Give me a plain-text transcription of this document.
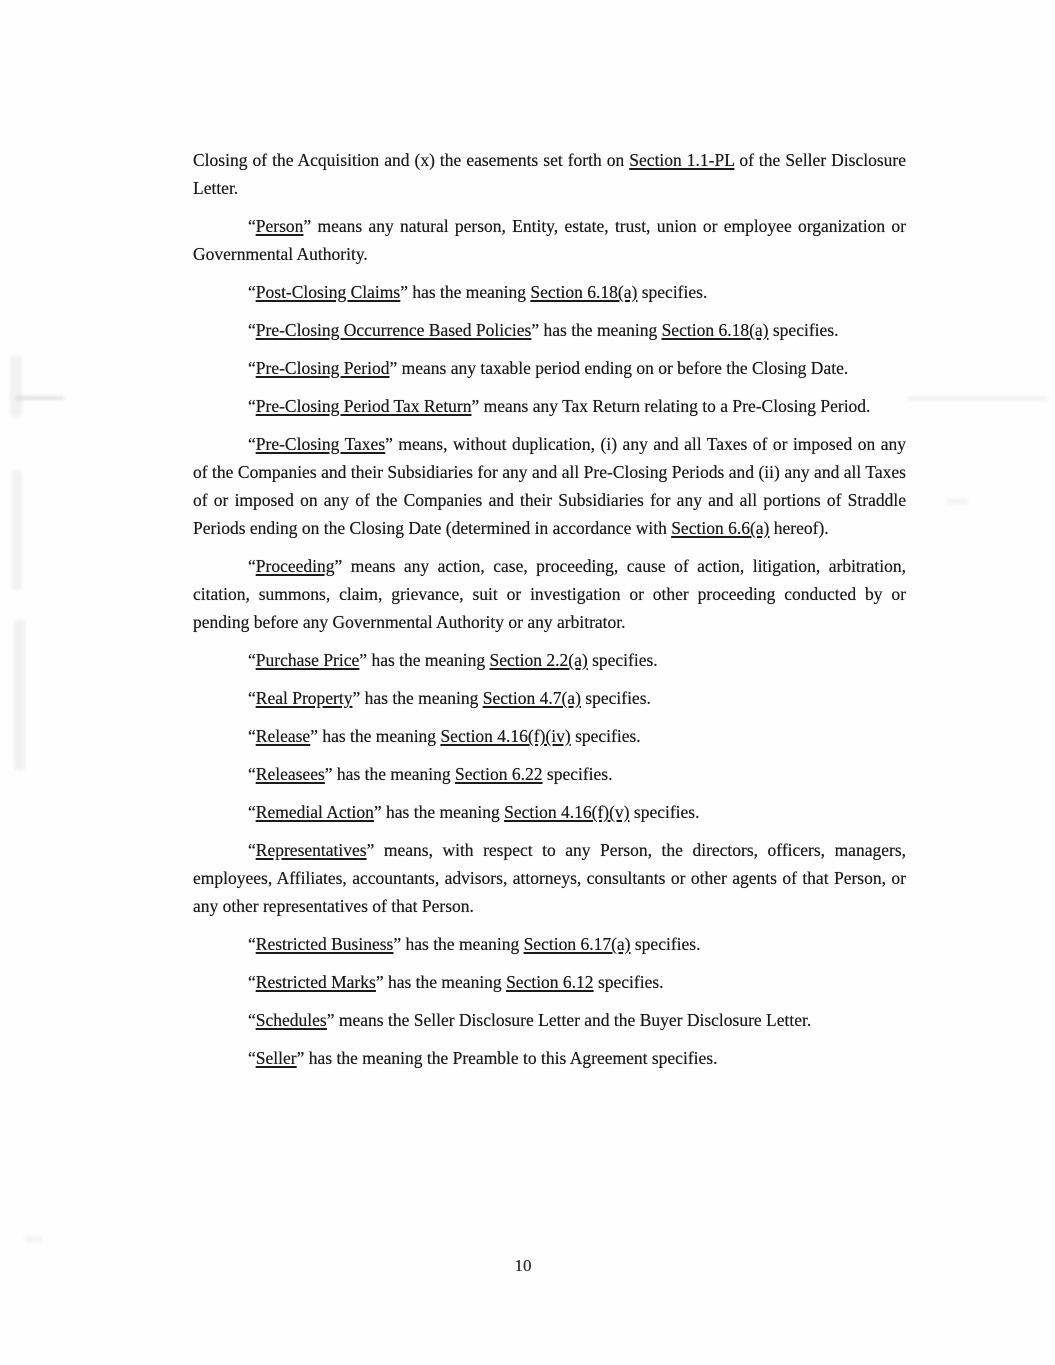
Closing of the Acquisition and (x) the easements set forth on Section 1.1-PL of the Seller Disclosure Letter.

“Person” means any natural person, Entity, estate, trust, union or employee organization or Governmental Authority.

“Post-Closing Claims” has the meaning Section 6.18(a) specifies.

“Pre-Closing Occurrence Based Policies” has the meaning Section 6.18(a) specifies.

“Pre-Closing Period” means any taxable period ending on or before the Closing Date.

“Pre-Closing Period Tax Return” means any Tax Return relating to a Pre-Closing Period.

“Pre-Closing Taxes” means, without duplication, (i) any and all Taxes of or imposed on any of the Companies and their Subsidiaries for any and all Pre-Closing Periods and (ii) any and all Taxes of or imposed on any of the Companies and their Subsidiaries for any and all portions of Straddle Periods ending on the Closing Date (determined in accordance with Section 6.6(a) hereof).

“Proceeding” means any action, case, proceeding, cause of action, litigation, arbitration, citation, summons, claim, grievance, suit or investigation or other proceeding conducted by or pending before any Governmental Authority or any arbitrator.

“Purchase Price” has the meaning Section 2.2(a) specifies.

“Real Property” has the meaning Section 4.7(a) specifies.

“Release” has the meaning Section 4.16(f)(iv) specifies.

“Releasees” has the meaning Section 6.22 specifies.

“Remedial Action” has the meaning Section 4.16(f)(v) specifies.

“Representatives” means, with respect to any Person, the directors, officers, managers, employees, Affiliates, accountants, advisors, attorneys, consultants or other agents of that Person, or any other representatives of that Person.

“Restricted Business” has the meaning Section 6.17(a) specifies.

“Restricted Marks” has the meaning Section 6.12 specifies.

“Schedules” means the Seller Disclosure Letter and the Buyer Disclosure Letter.

“Seller” has the meaning the Preamble to this Agreement specifies.

10
